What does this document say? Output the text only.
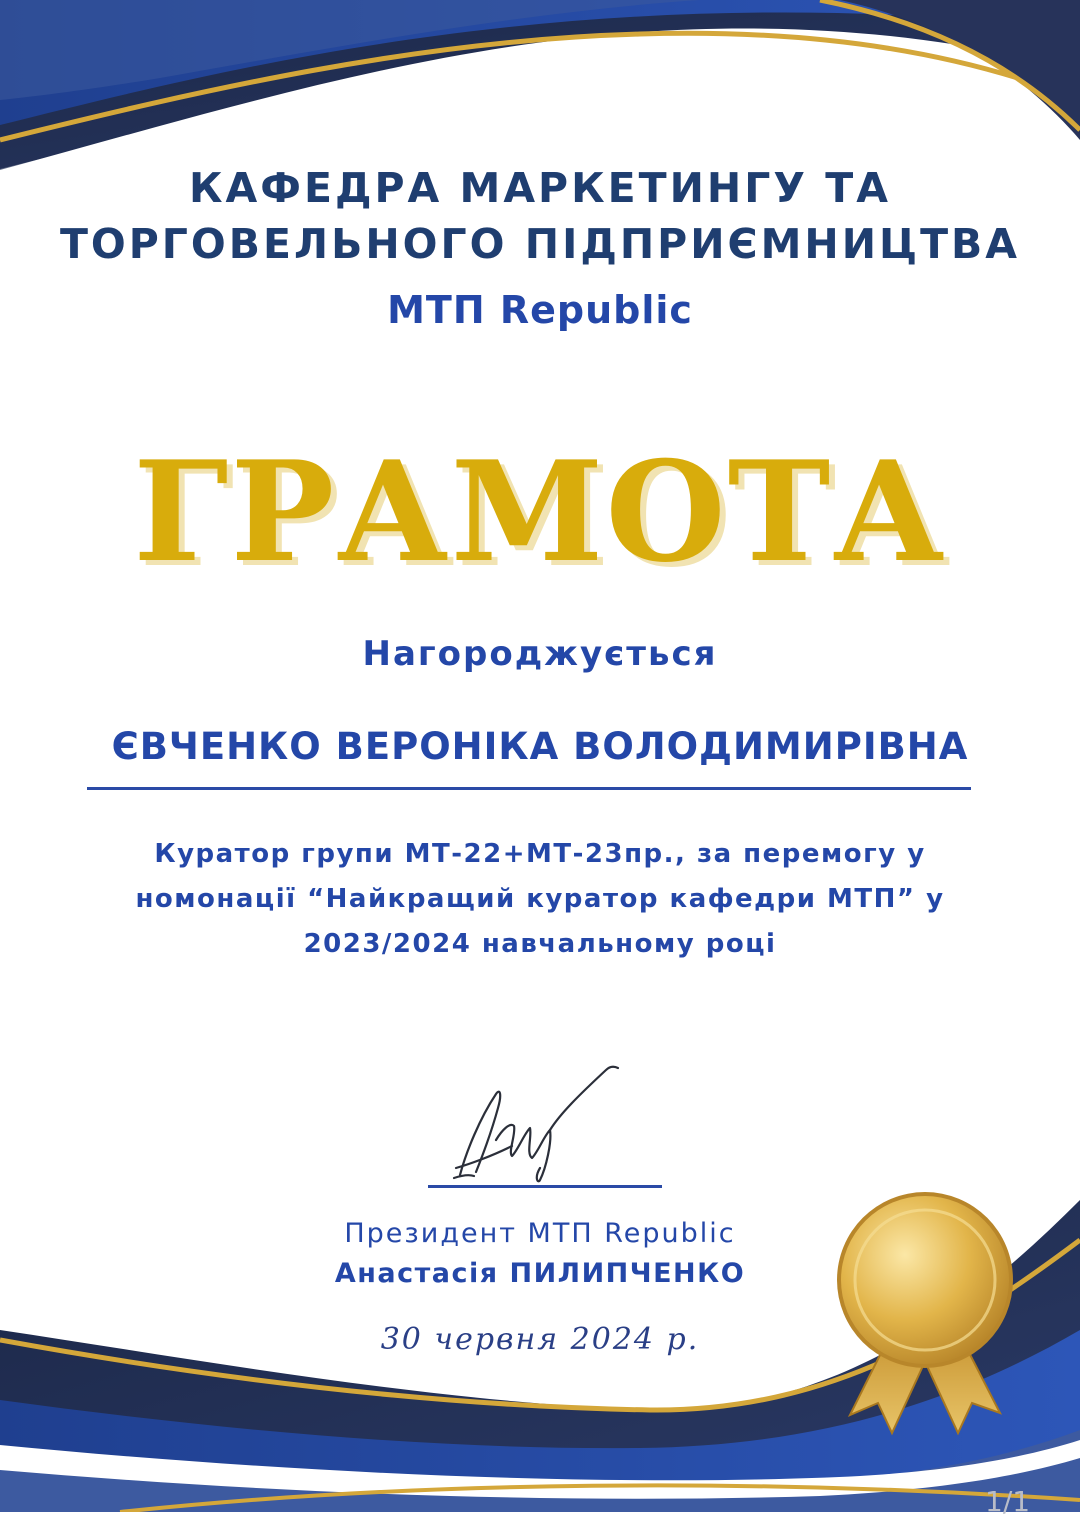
КАФЕДРА МАРКЕТИНГУ ТА
ТОРГОВЕЛЬНОГО ПІДПРИЄМНИЦТВА
МТП Republic
ГРАМОТА
Нагороджується
ЄВЧЕНКО ВЕРОНІКА ВОЛОДИМИРІВНА
Куратор групи МТ-22+МТ-23пр., за перемогу у
номонації “Найкращий куратор кафедри МТП” у
2023/2024 навчальному році
Президент МТП Republic
Анастасія ПИЛИПЧЕНКО
30 червня 2024 р.
1/1
